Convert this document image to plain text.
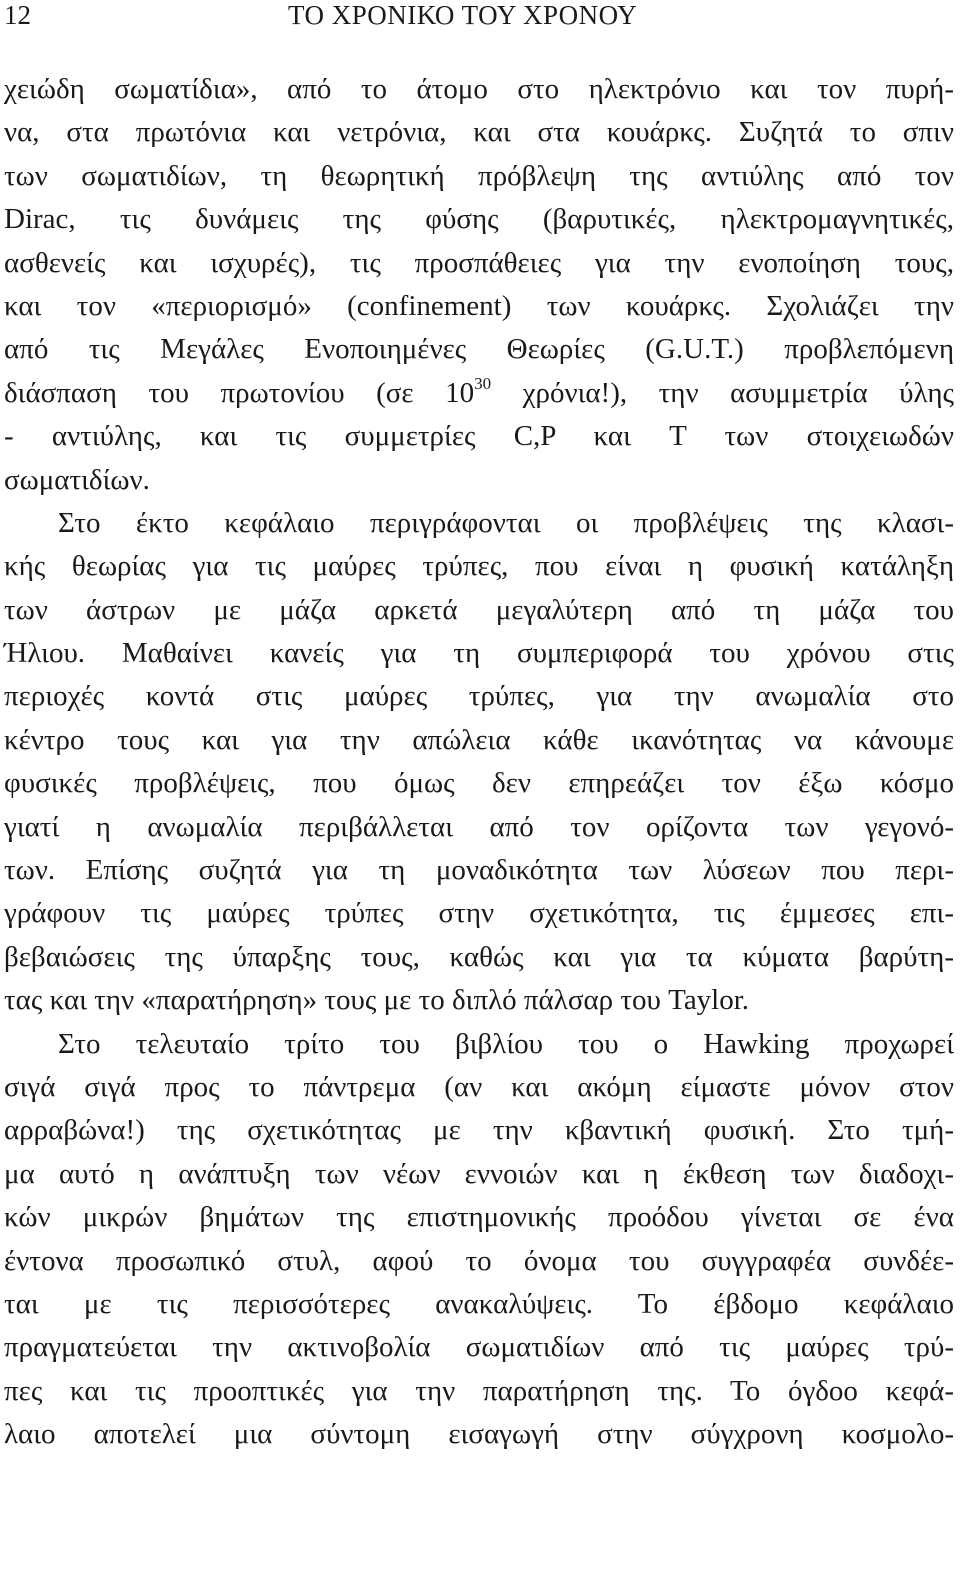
12	ΤΟ ΧΡΟΝΙΚΟ ΤΟΥ ΧΡΟΝΟΥ
χειώδη σωματίδια», από το άτομο στο ηλεκτρόνιο και τον πυρή-
να, στα πρωτόνια και νετρόνια, και στα κουάρκς. Συζητά το σπιν
των σωματιδίων, τη θεωρητική πρόβλεψη της αντιύλης από τον
Dirac, τις δυνάμεις της φύσης (βαρυτικές, ηλεκτρομαγνητικές,
ασθενείς και ισχυρές), τις προσπάθειες για την ενοποίηση τους,
και τον «περιορισμό» (confinement) των κουάρκς. Σχολιάζει την
από τις Μεγάλες Ενοποιημένες Θεωρίες (G.U.T.) προβλεπόμενη
διάσπαση του πρωτονίου (σε $10^{30}$ χρόνια!), την ασυμμετρία ύλης
- αντιύλης, και τις συμμετρίες C,P και T των στοιχειωδών
σωματιδίων.
Στο έκτο κεφάλαιο περιγράφονται οι προβλέψεις της κλασι-
κής θεωρίας για τις μαύρες τρύπες, που είναι η φυσική κατάληξη
των άστρων με μάζα αρκετά μεγαλύτερη από τη μάζα του
Ήλιου. Μαθαίνει κανείς για τη συμπεριφορά του χρόνου στις
περιοχές κοντά στις μαύρες τρύπες, για την ανωμαλία στο
κέντρο τους και για την απώλεια κάθε ικανότητας να κάνουμε
φυσικές προβλέψεις, που όμως δεν επηρεάζει τον έξω κόσμο
γιατί η ανωμαλία περιβάλλεται από τον ορίζοντα των γεγονό-
των. Επίσης συζητά για τη μοναδικότητα των λύσεων που περι-
γράφουν τις μαύρες τρύπες στην σχετικότητα, τις έμμεσες επι-
βεβαιώσεις της ύπαρξης τους, καθώς και για τα κύματα βαρύτη-
τας και την «παρατήρηση» τους με το διπλό πάλσαρ του Taylor.
Στο τελευταίο τρίτο του βιβλίου του ο Hawking προχωρεί
σιγά σιγά προς το πάντρεμα (αν και ακόμη είμαστε μόνον στον
αρραβώνα!) της σχετικότητας με την κβαντική φυσική. Στο τμή-
μα αυτό η ανάπτυξη των νέων εννοιών και η έκθεση των διαδοχι-
κών μικρών βημάτων της επιστημονικής προόδου γίνεται σε ένα
έντονα προσωπικό στυλ, αφού το όνομα του συγγραφέα συνδέε-
ται με τις περισσότερες ανακαλύψεις. Το έβδομο κεφάλαιο
πραγματεύεται την ακτινοβολία σωματιδίων από τις μαύρες τρύ-
πες και τις προοπτικές για την παρατήρηση της. Το όγδοο κεφά-
λαιο αποτελεί μια σύντομη εισαγωγή στην σύγχρονη κοσμολο-
